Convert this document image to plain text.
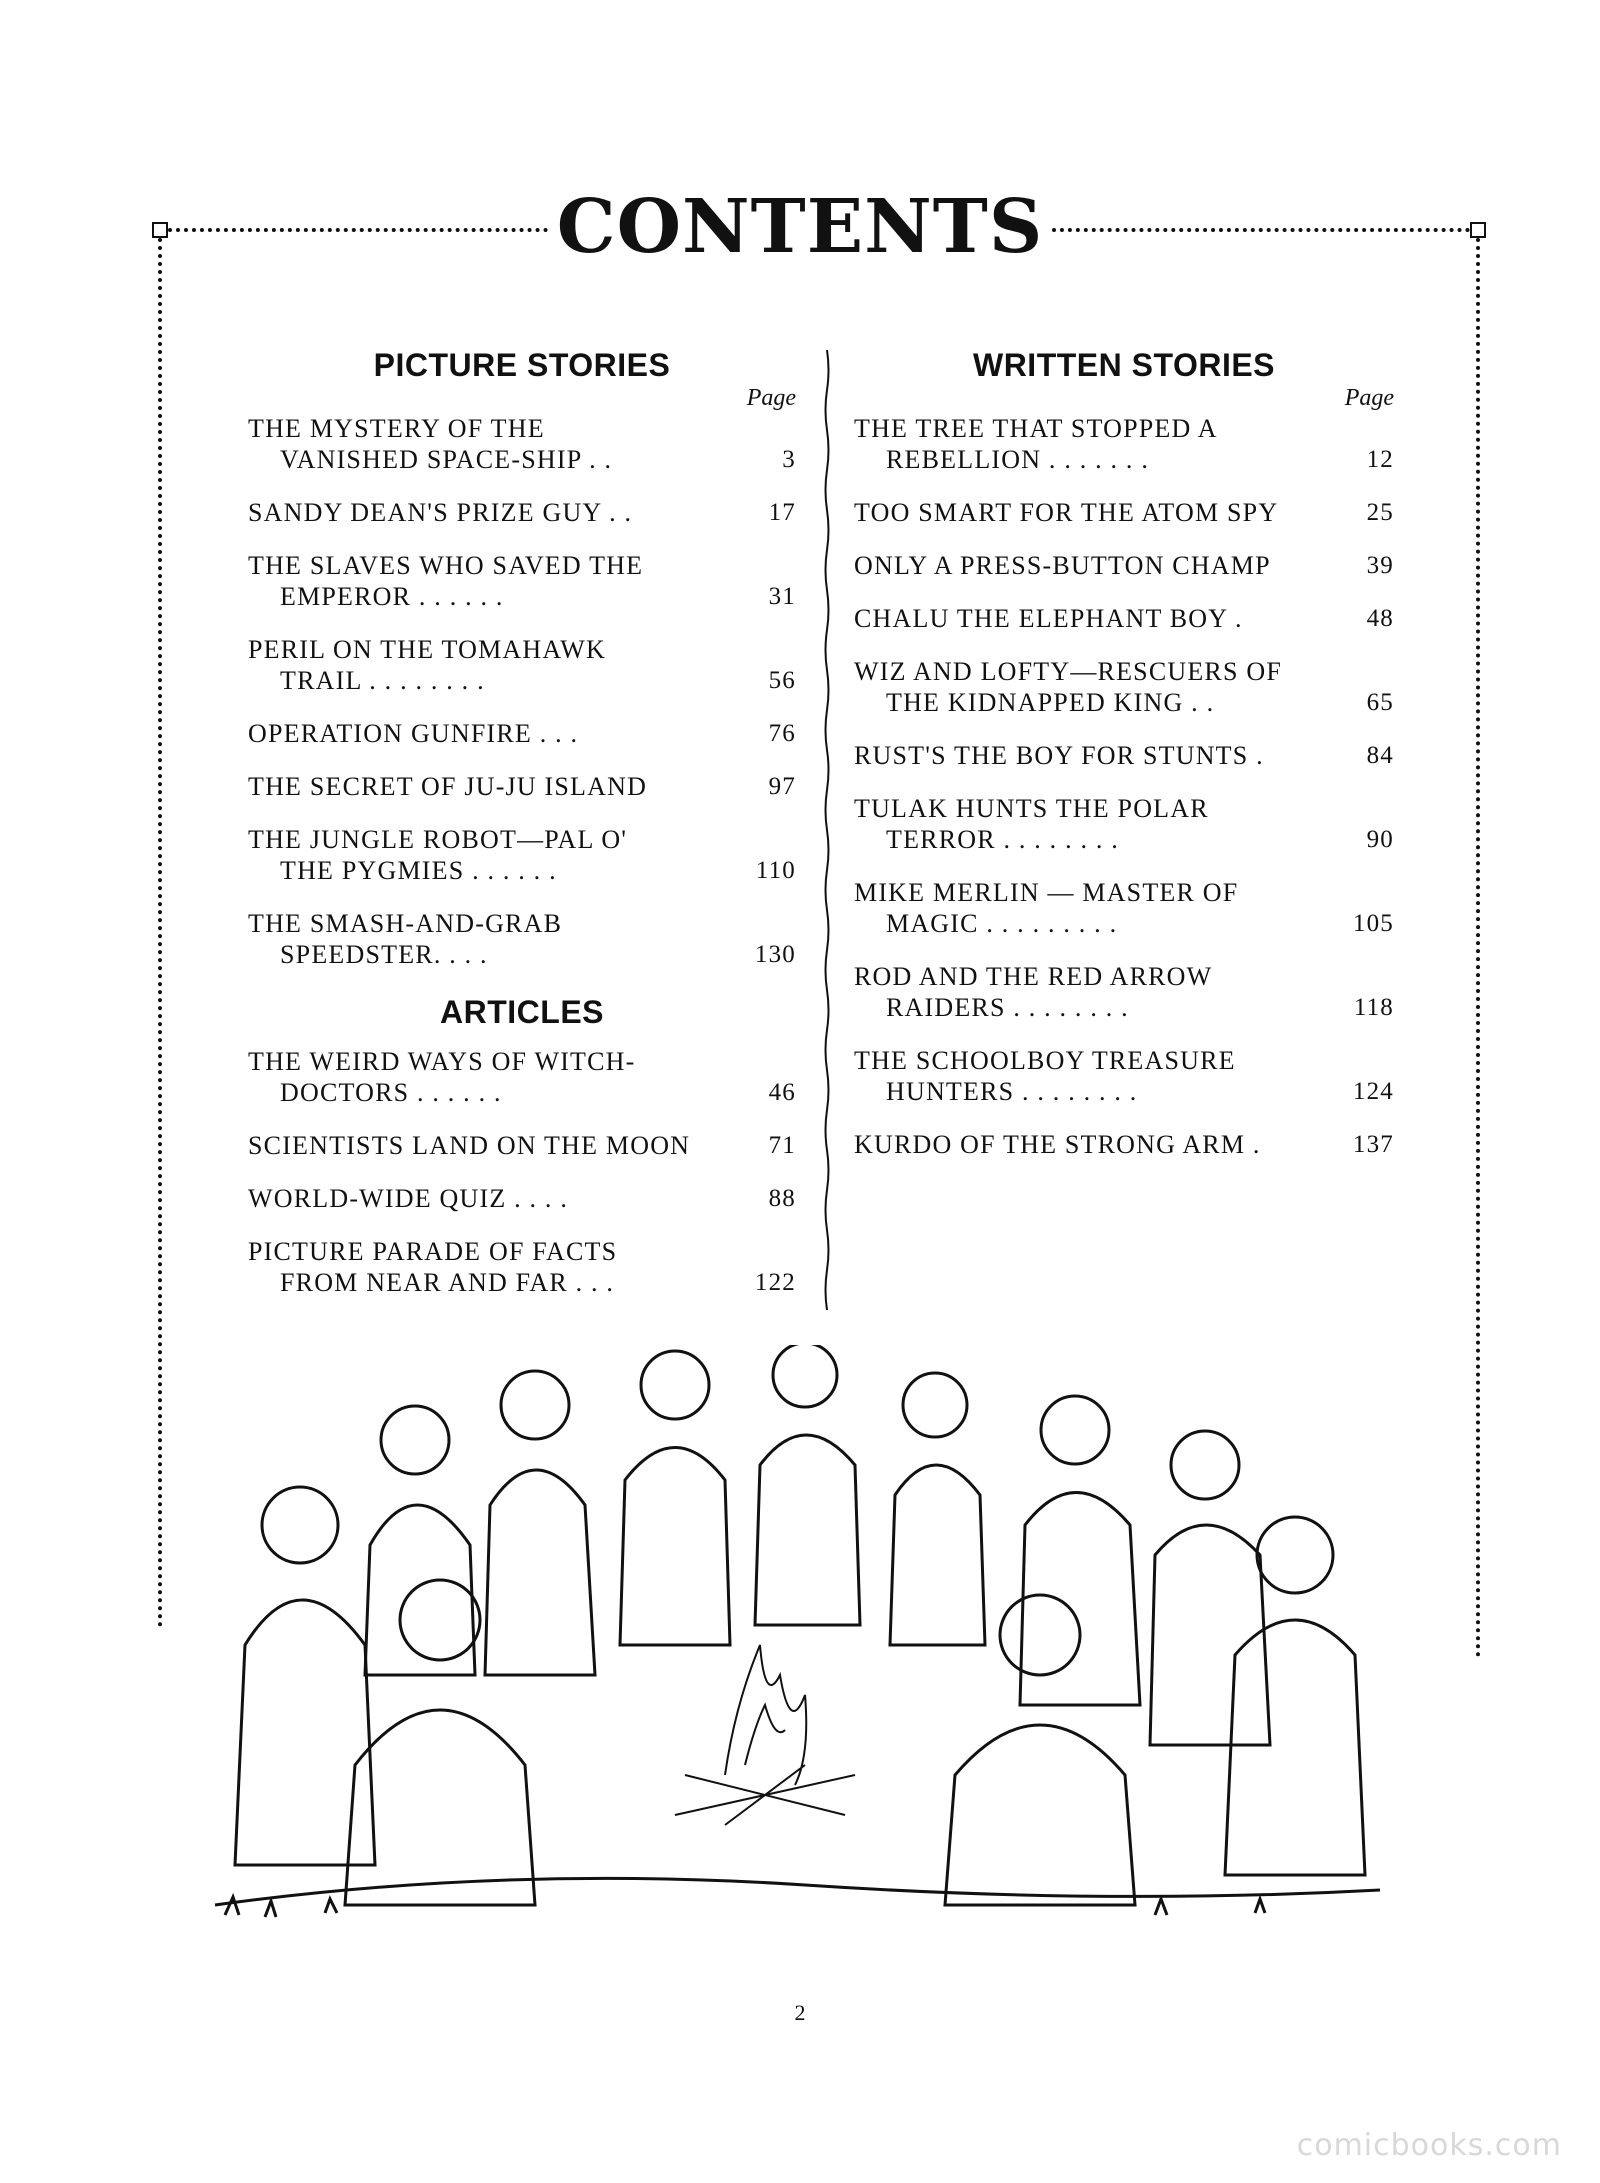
CONTENTS
PICTURE STORIES

Page

THE MYSTERY OF THE
VANISHED SPACE-SHIP . .	3
SANDY DEAN'S PRIZE GUY . .	17
THE SLAVES WHO SAVED THE
EMPEROR . . . . . .	31
PERIL ON THE TOMAHAWK
TRAIL . . . . . . . .	56
OPERATION GUNFIRE . . .	76
THE SECRET OF JU-JU ISLAND	97
THE JUNGLE ROBOT—PAL O'
THE PYGMIES . . . . . .	110
THE SMASH-AND-GRAB
SPEEDSTER. . . .	130
ARTICLES
THE WEIRD WAYS OF WITCH-
DOCTORS . . . . . .	46
SCIENTISTS LAND ON THE MOON	71
WORLD-WIDE QUIZ . . . .	88
PICTURE PARADE OF FACTS
FROM NEAR AND FAR . . .	122
WRITTEN STORIES

Page

THE TREE THAT STOPPED A
REBELLION . . . . . . .	12
TOO SMART FOR THE ATOM SPY	25
ONLY A PRESS-BUTTON CHAMP	39
CHALU THE ELEPHANT BOY .	48
WIZ AND LOFTY—RESCUERS OF
THE KIDNAPPED KING . .	65
RUST'S THE BOY FOR STUNTS .	84
TULAK HUNTS THE POLAR
TERROR . . . . . . . .	90
MIKE MERLIN — MASTER OF
MAGIC . . . . . . . . .	105
ROD AND THE RED ARROW
RAIDERS . . . . . . . .	118
THE SCHOOLBOY TREASURE
HUNTERS . . . . . . . .	124
KURDO OF THE STRONG ARM .	137
2
comicbooks.com
